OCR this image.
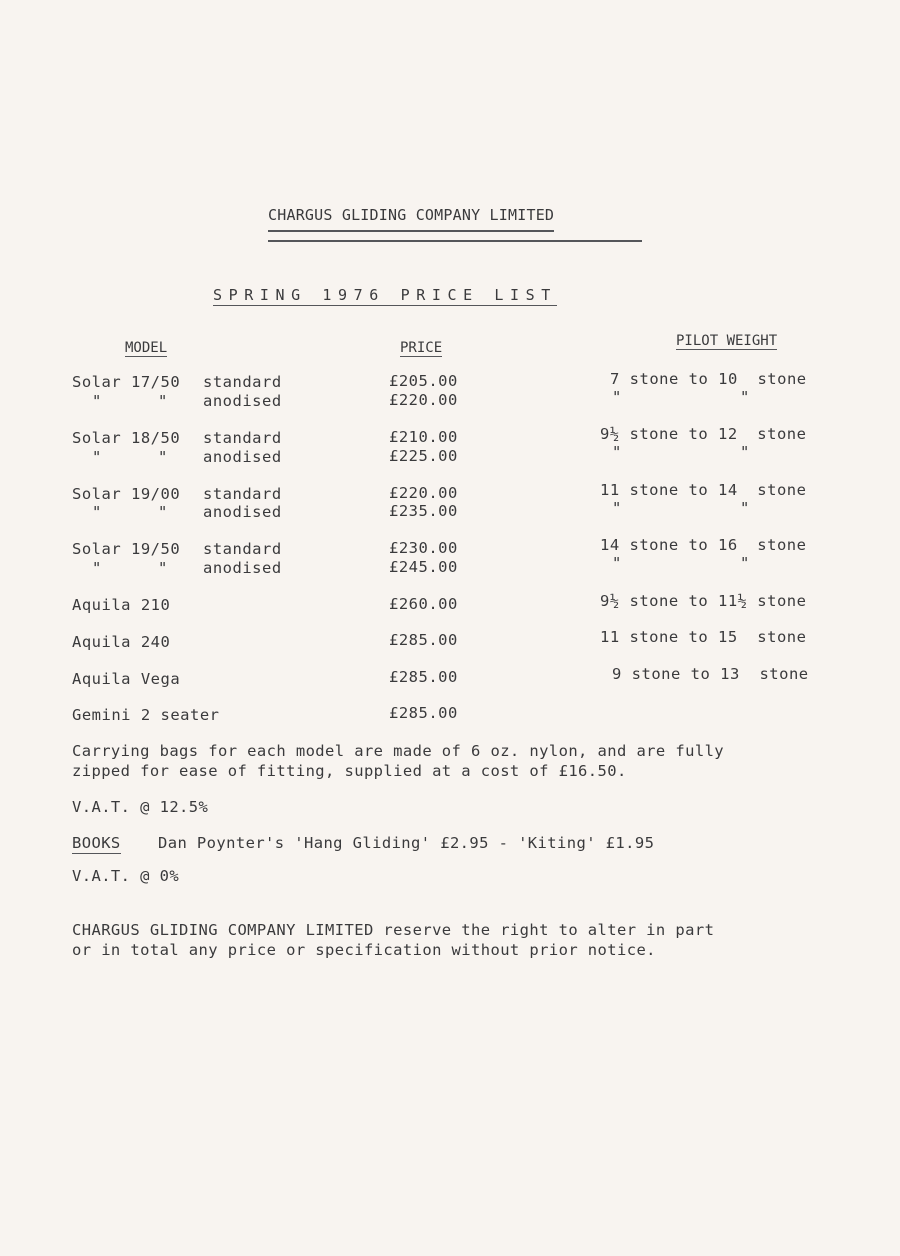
CHARGUS GLIDING COMPANY LIMITED
SPRING 1976 PRICE LIST
MODEL	PRICE	PILOT WEIGHT
Solar 17/50 standard	£205.00	7 stone to 10  stone
"	" anodised	£220.00	"	"
Solar 18/50 standard	£210.00	9½ stone to 12  stone
"	" anodised	£225.00	"	"
Solar 19/00 standard	£220.00	11 stone to 14  stone
"	" anodised	£235.00	"	"
Solar 19/50 standard	£230.00	14 stone to 16  stone
"	" anodised	£245.00	"	"
Aquila 210	£260.00	9½ stone to 11½ stone
Aquila 240	£285.00	11 stone to 15  stone
Aquila Vega	£285.00	9 stone to 13  stone
Gemini 2 seater	£285.00
Carrying bags for each model are made of 6 oz. nylon, and are fully
zipped for ease of fitting, supplied at a cost of £16.50.
V.A.T. @ 12.5%
BOOKS Dan Poynter's 'Hang Gliding' £2.95 - 'Kiting' £1.95
V.A.T. @ 0%
CHARGUS GLIDING COMPANY LIMITED reserve the right to alter in part
or in total any price or specification without prior notice.
